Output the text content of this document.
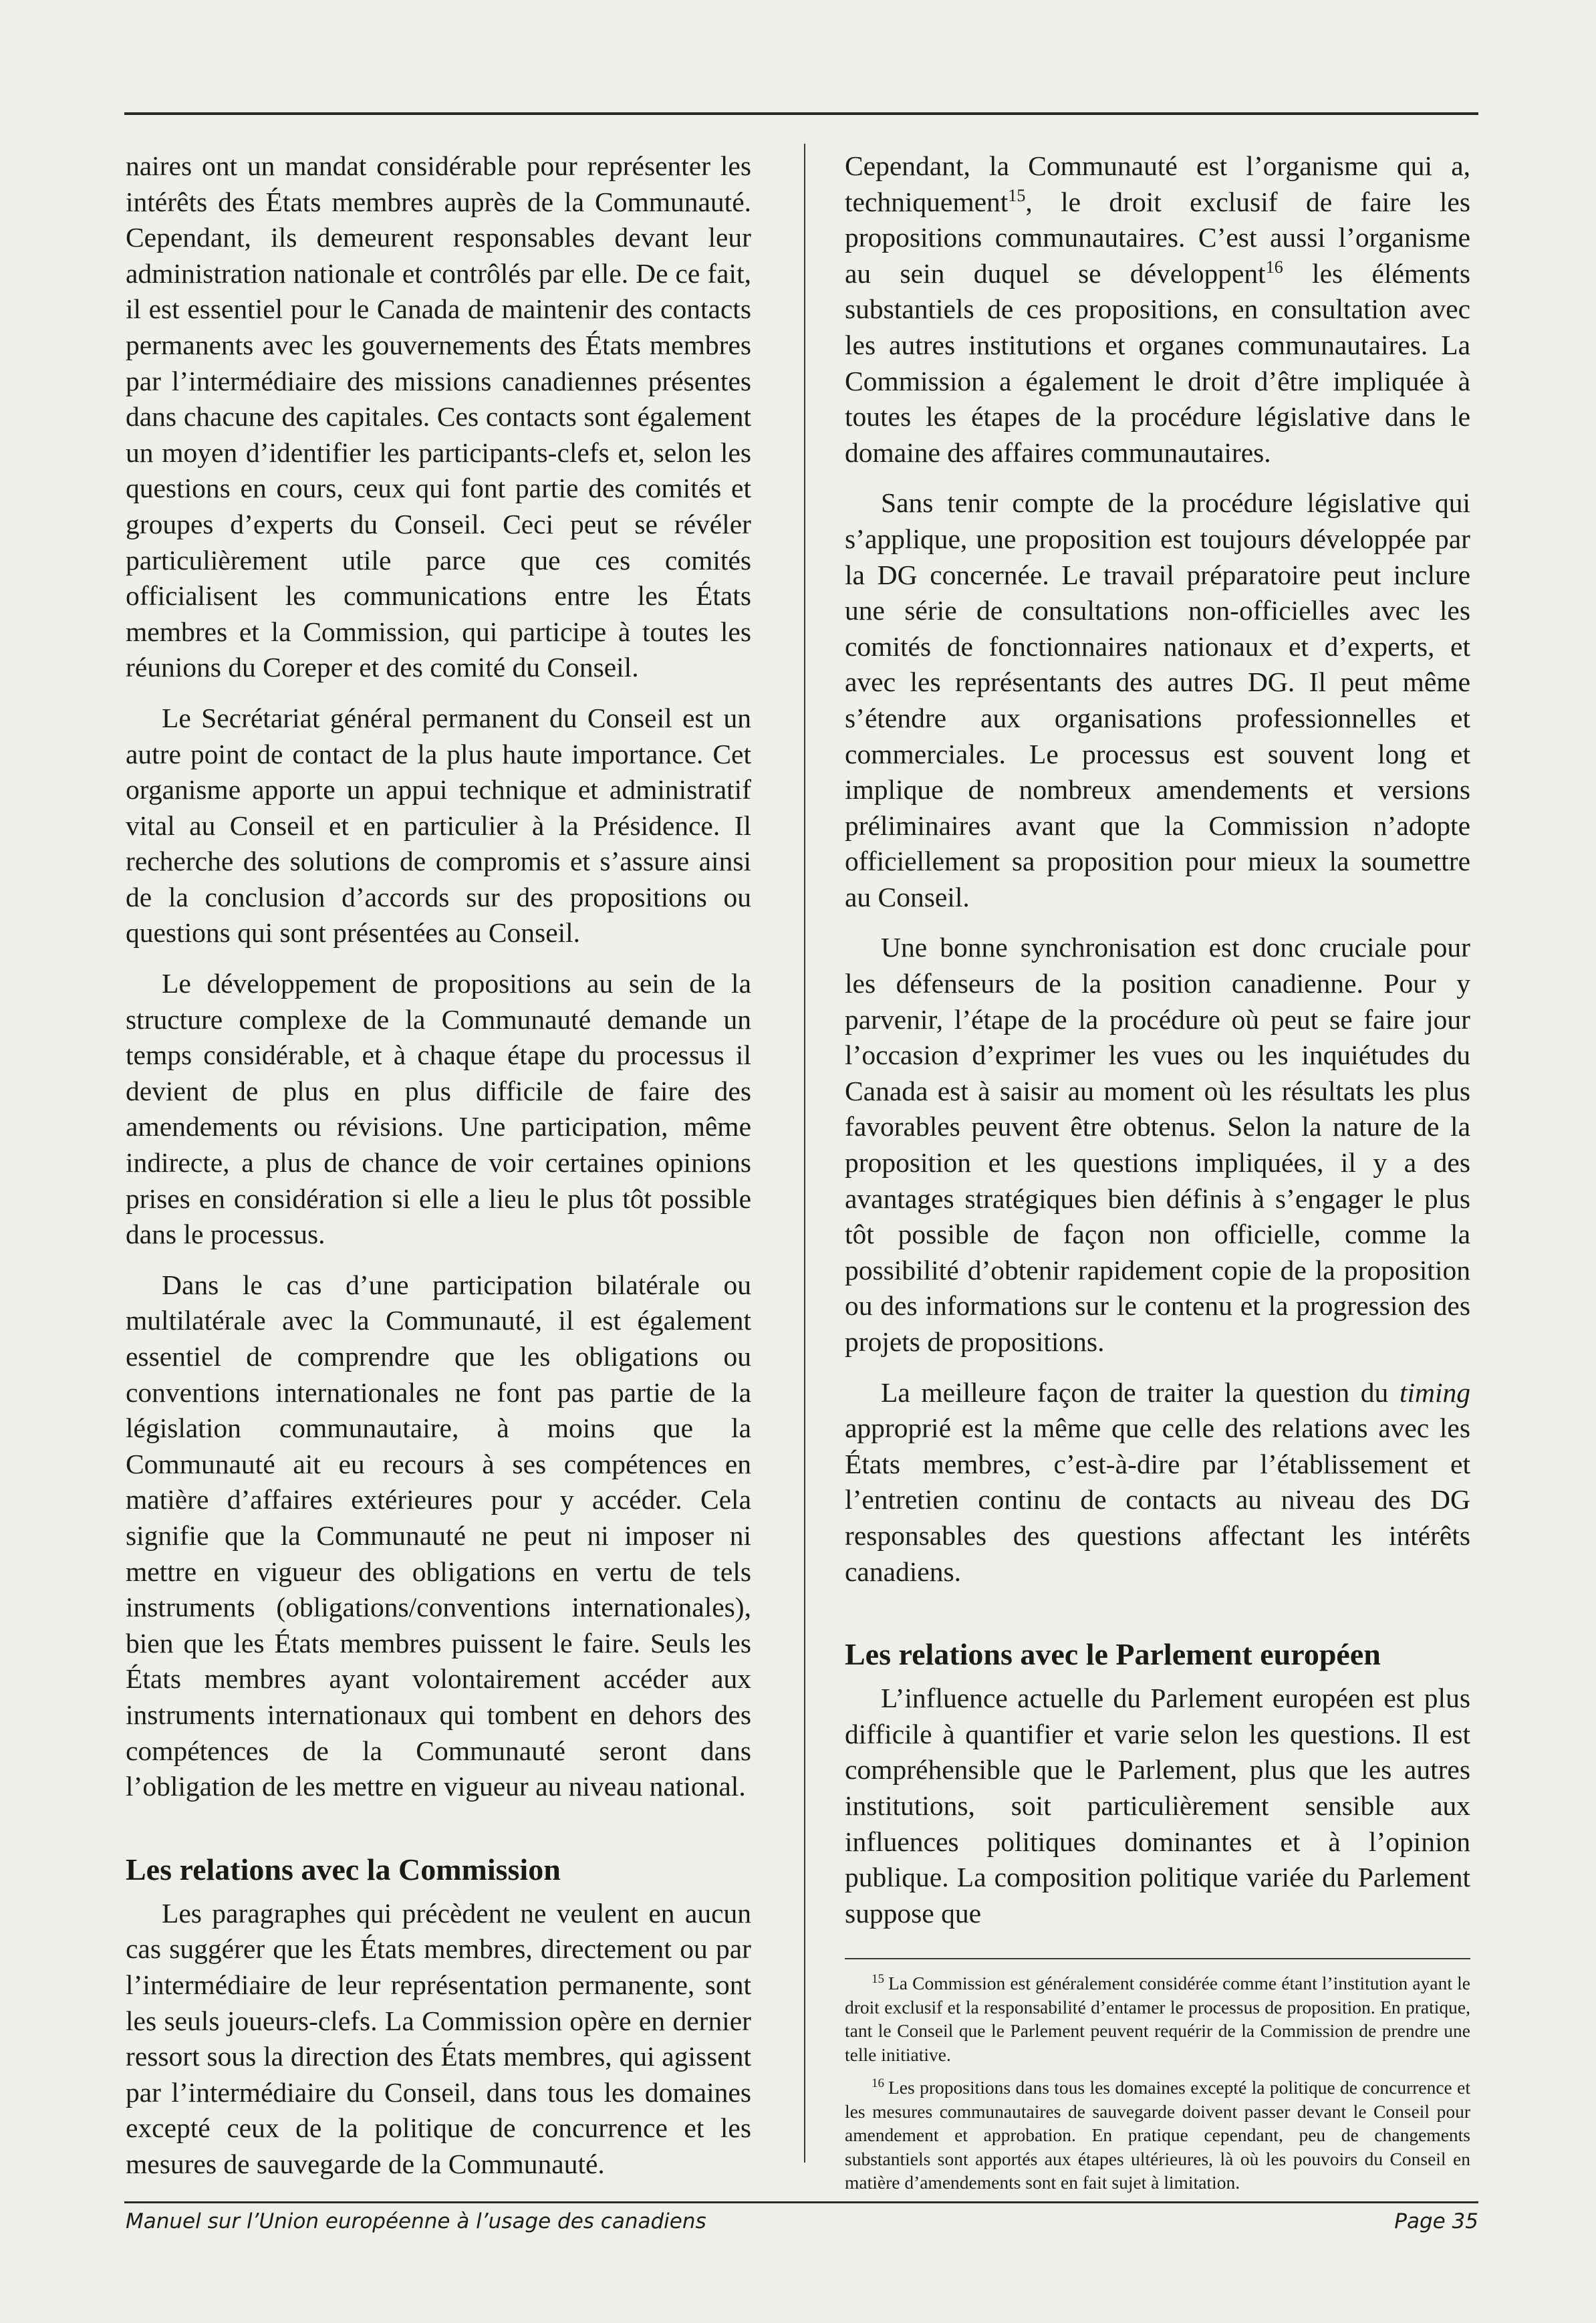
naires ont un mandat considérable pour représenter les intérêts des États membres auprès de la Communauté. Cependant, ils demeurent responsables devant leur administration nationale et contrôlés par elle. De ce fait, il est essentiel pour le Canada de maintenir des contacts permanents avec les gouvernements des États membres par l’intermédiaire des missions canadiennes présentes dans chacune des capitales. Ces contacts sont également un moyen d’identifier les participants-clefs et, selon les questions en cours, ceux qui font partie des comités et groupes d’experts du Conseil. Ceci peut se révéler particulièrement utile parce que ces comités officialisent les communications entre les États membres et la Commission, qui participe à toutes les réunions du Coreper et des comité du Conseil.

Le Secrétariat général permanent du Conseil est un autre point de contact de la plus haute importance. Cet organisme apporte un appui technique et administratif vital au Conseil et en particulier à la Présidence. Il recherche des solutions de compromis et s’assure ainsi de la conclusion d’accords sur des propositions ou questions qui sont présentées au Conseil.

Le développement de propositions au sein de la structure complexe de la Communauté demande un temps considérable, et à chaque étape du processus il devient de plus en plus difficile de faire des amendements ou révisions. Une participation, même indirecte, a plus de chance de voir certaines opinions prises en considération si elle a lieu le plus tôt possible dans le processus.

Dans le cas d’une participation bilatérale ou multilatérale avec la Communauté, il est également essentiel de comprendre que les obligations ou conventions internationales ne font pas partie de la législation communautaire, à moins que la Communauté ait eu recours à ses compétences en matière d’affaires extérieures pour y accéder. Cela signifie que la Communauté ne peut ni imposer ni mettre en vigueur des obligations en vertu de tels instruments (obligations/conventions internationales), bien que les États membres puissent le faire. Seuls les États membres ayant volontairement accéder aux instruments internationaux qui tombent en dehors des compétences de la Communauté seront dans l’obligation de les mettre en vigueur au niveau national.

Les relations avec la Commission

Les paragraphes qui précèdent ne veulent en aucun cas suggérer que les États membres, directement ou par l’intermédiaire de leur représentation permanente, sont les seuls joueurs-clefs. La Commission opère en dernier ressort sous la direction des États membres, qui agissent par l’intermédiaire du Conseil, dans tous les domaines excepté ceux de la politique de concurrence et les mesures de sauvegarde de la Communauté.

Cependant, la Communauté est l’organisme qui a, techniquement$^{15}$, le droit exclusif de faire les propositions communautaires. C’est aussi l’organisme au sein duquel se développent$^{16}$ les éléments substantiels de ces propositions, en consultation avec les autres institutions et organes communautaires. La Commission a également le droit d’être impliquée à toutes les étapes de la procédure législative dans le domaine des affaires communautaires.

Sans tenir compte de la procédure législative qui s’applique, une proposition est toujours développée par la DG concernée. Le travail préparatoire peut inclure une série de consultations non-officielles avec les comités de fonctionnaires nationaux et d’experts, et avec les représentants des autres DG. Il peut même s’étendre aux organisations professionnelles et commerciales. Le processus est souvent long et implique de nombreux amendements et versions préliminaires avant que la Commission n’adopte officiellement sa proposition pour mieux la soumettre au Conseil.

Une bonne synchronisation est donc cruciale pour les défenseurs de la position canadienne. Pour y parvenir, l’étape de la procédure où peut se faire jour l’occasion d’exprimer les vues ou les inquiétudes du Canada est à saisir au moment où les résultats les plus favorables peuvent être obtenus. Selon la nature de la proposition et les questions impliquées, il y a des avantages stratégiques bien définis à s’engager le plus tôt possible de façon non officielle, comme la possibilité d’obtenir rapidement copie de la proposition ou des informations sur le contenu et la progression des projets de propositions.

La meilleure façon de traiter la question du timing approprié est la même que celle des relations avec les États membres, c’est-à-dire par l’établissement et l’entretien continu de contacts au niveau des DG responsables des questions affectant les intérêts canadiens.

Les relations avec le Parlement européen

L’influence actuelle du Parlement européen est plus difficile à quantifier et varie selon les questions. Il est compréhensible que le Parlement, plus que les autres institutions, soit particulièrement sensible aux influences politiques dominantes et à l’opinion publique. La composition politique variée du Parlement suppose que

$^{15}$ La Commission est généralement considérée comme étant l’institution ayant le droit exclusif et la responsabilité d’entamer le processus de proposition. En pratique, tant le Conseil que le Parlement peuvent requérir de la Commission de prendre une telle initiative.

$^{16}$ Les propositions dans tous les domaines excepté la politique de concurrence et les mesures communautaires de sauvegarde doivent passer devant le Conseil pour amendement et approbation. En pratique cependant, peu de changements substantiels sont apportés aux étapes ultérieures, là où les pouvoirs du Conseil en matière d’amendements sont en fait sujet à limitation.

Manuel sur l’Union européenne à l’usage des canadiens	Page 35
